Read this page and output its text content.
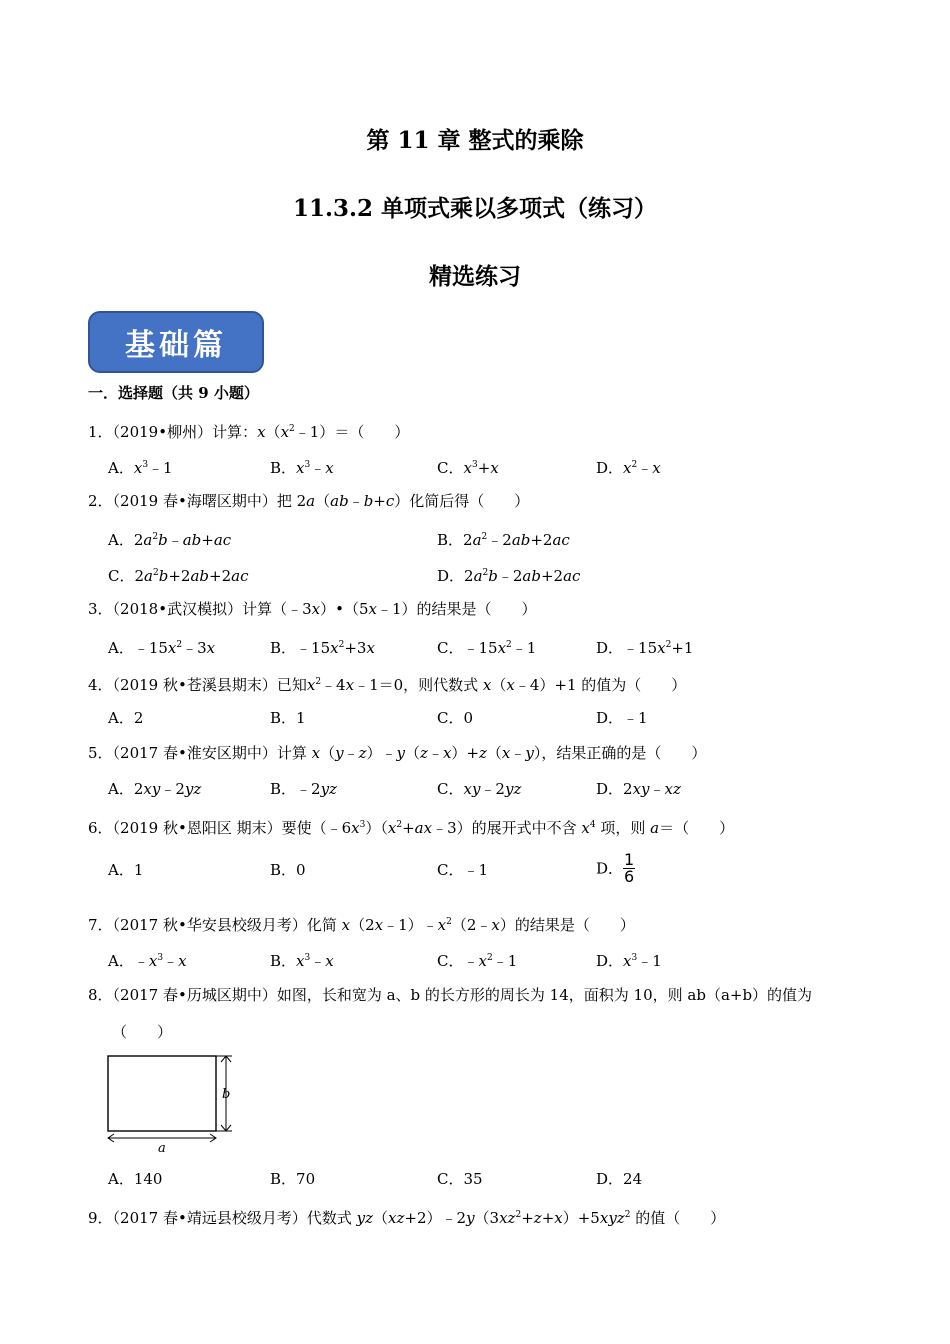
第 11 章 整式的乘除
11.3.2 单项式乘以多项式（练习）
精选练习
基础篇
一．选择题（共 9 小题）
1．（2019•柳州）计算：$x(x^2﹣1)=$（　　）
A．$x^3﹣1$	B．$x^3﹣x$	C．$x^3+x$	D．$x^2﹣x$
2．（2019 春•海曙区期中）把 2a（ab﹣b+c）化简后得（　　）
A．$2a^2b﹣ab+ac$	B．$2a^2﹣2ab+2ac$
C．$2a^2b+2ab+2ac$	D．$2a^2b﹣2ab+2ac$
3．（2018•武汉模拟）计算（﹣3x）•（5x﹣1）的结果是（　　）
A．$﹣15x^2﹣3x$	B．$﹣15x^2+3x$	C．$﹣15x^2﹣1$	D．$﹣15x^2+1$
4．（2019 秋•苍溪县期末）已知$x^2﹣4x﹣1=0$，则代数式 x（x﹣4）+1 的值为（　　）
A．2	B．1	C．0	D．﹣1
5．（2017 春•淮安区期中）计算 x（y﹣z）﹣y（z﹣x）+z（x﹣y），结果正确的是（　　）
A．2xy﹣2yz	B．﹣2yz	C．xy﹣2yz	D．2xy﹣xz
6．（2019 秋•恩阳区 期末）要使$(﹣6x^3)(x^2+ax﹣3)$的展开式中不含 $x^4$ 项，则 a＝（　　）
A．1	B．0	C．﹣1	D． $\frac{1}{6}$
7．（2017 秋•华安县校级月考）化简 $x(2x﹣1)﹣x^2(2﹣x)$的结果是（　　）
A．$﹣x^3﹣x$	B．$x^3﹣x$	C．$﹣x^2﹣1$	D．$x^3﹣1$
8．（2017 春•历城区期中）如图，长和宽为 a、b 的长方形的周长为 14，面积为 10，则 ab（a+b）的值为
（　　）
b
a
A．140	B．70	C．35	D．24
9．（2017 春•靖远县校级月考）代数式 $yz(xz+2)﹣2y(3xz^2+z+x)+5xyz^2$ 的值（　　）
